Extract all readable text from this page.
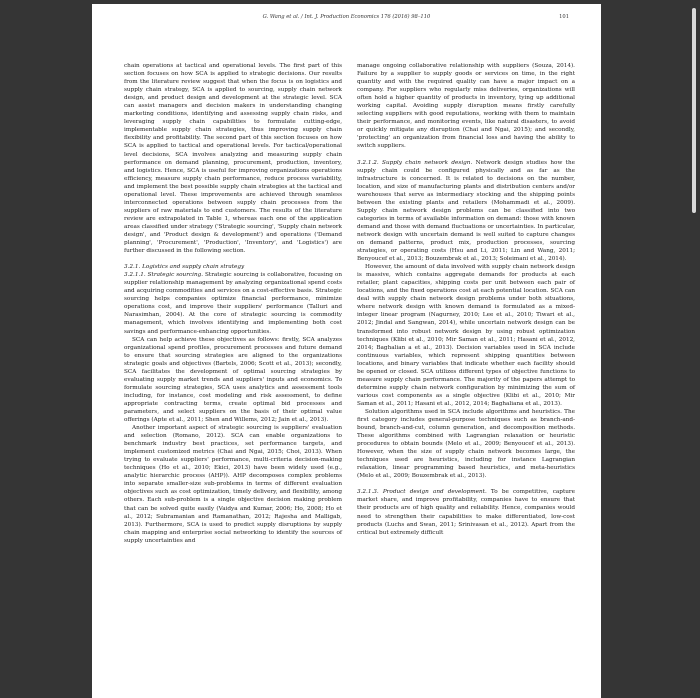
G. Wang et al. / Int. J. Production Economics 176 (2016) 98–110	101

chain operations at tactical and operational levels. The first part of this section focuses on how SCA is applied to strategic decisions. Our results from the literature review suggest that when the focus is on logistics and supply chain strategy, SCA is applied to sourcing, supply chain network design, and product design and development at the strategic level. SCA can assist managers and decision makers in understanding changing marketing conditions, identifying and assessing supply chain risks, and leveraging supply chain capabilities to formulate cutting-edge, implementable supply chain strategies, thus improving supply chain flexibility and profitability. The second part of this section focuses on how SCA is applied to tactical and operational levels. For tactical/operational level decisions, SCA involves analyzing and measuring supply chain performance on demand planning, procurement, production, inventory, and logistics. Hence, SCA is useful for improving organizations operations efficiency, measure supply chain performance, reduce process variability, and implement the best possible supply chain strategies at the tactical and operational level. These improvements are achieved through seamless interconnected operations between supply chain processes from the suppliers of raw materials to end customers. The results of the literature review are extrapolated in Table 1, whereas each one of the application areas classified under strategy ('Strategic sourcing', 'Supply chain network design', and 'Product design & development') and operations ('Demand planning', 'Procurement', 'Production', 'Inventory', and 'Logistics') are further discussed in the following section.

3.2.1. Logistics and supply chain strategy

3.2.1.1. Strategic sourcing. Strategic sourcing is collaborative, focusing on supplier relationship management by analyzing organizational spend costs and acquiring commodities and services on a cost-effective basis. Strategic sourcing helps companies optimize financial performance, minimize operations cost, and improve their suppliers' performance (Talluri and Narasimhan, 2004). At the core of strategic sourcing is commodity management, which involves identifying and implementing both cost savings and performance-enhancing opportunities.

SCA can help achieve these objectives as follows: firstly, SCA analyzes organizational spend profiles, procurement processes and future demand to ensure that sourcing strategies are aligned to the organizations strategic goals and objectives (Bartels, 2006; Scott et al., 2013); secondly, SCA facilitates the development of optimal sourcing strategies by evaluating supply market trends and suppliers' inputs and economics. To formulate sourcing strategies, SCA uses analytics and assessment tools including, for instance, cost modeling and risk assessment, to define appropriate contracting terms, create optimal bid processes and parameters, and select suppliers on the basis of their optimal value offerings (Apte et al., 2011; Shen and Willems, 2012; Jain et al., 2013).

Another important aspect of strategic sourcing is suppliers' evaluation and selection (Romano, 2012). SCA can enable organizations to benchmark industry best practices, set performance targets, and implement customized metrics (Chai and Ngai, 2015; Choi, 2013). When trying to evaluate suppliers' performance, multi-criteria decision-making techniques (Ho et al., 2010; Ekici, 2013) have been widely used (e.g., analytic hierarchic process (AHP)). AHP decomposes complex problems into separate smaller-size sub-problems in terms of different evaluation objectives such as cost optimization, timely delivery, and flexibility, among others. Each sub-problem is a single objective decision making problem that can be solved quite easily (Vaidya and Kumar, 2006; Ho, 2008; Ho et al., 2012; Subramanian and Ramanathan, 2012; Rajesha and Malligab, 2013). Furthermore, SCA is used to predict supply disruptions by supply chain mapping and enterprise social networking to identify the sources of supply uncertainties and

manage ongoing collaborative relationship with suppliers (Souza, 2014). Failure by a supplier to supply goods or services on time, in the right quantity and with the required quality can have a major impact on a company. For suppliers who regularly miss deliveries, organizations will often hold a higher quantity of products in inventory, tying up additional working capital. Avoiding supply disruption means firstly carefully selecting suppliers with good reputations, working with them to maintain their performance, and monitoring events, like natural disasters, to avoid or quickly mitigate any disruption (Chai and Ngai, 2015); and secondly, 'protecting' an organization from financial loss and having the ability to switch suppliers.

3.2.1.2. Supply chain network design. Network design studies how the supply chain could be configured physically and as far as the infrastructure is concerned. It is related to decisions on the number, location, and size of manufacturing plants and distribution centers and/or warehouses that serve as intermediary stocking and the shipping points between the existing plants and retailers (Mohammadi et al., 2009). Supply chain network design problems can be classified into two categories in terms of available information on demand: those with known demand and those with demand fluctuations or uncertainties. In particular, network design with uncertain demand is well suited to capture changes on demand patterns, product mix, production processes, sourcing strategies, or operating costs (Hsu and Li, 2011; Lin and Wang, 2011; Benyoucef et al., 2013; Bouzembrak et al., 2013; Soleimani et al., 2014).

However, the amount of data involved with supply chain network design is massive, which contains aggregate demands for products at each retailer, plant capacities, shipping costs per unit between each pair of locations, and the fixed operations cost at each potential location. SCA can deal with supply chain network design problems under both situations, where network design with known demand is formulated as a mixed-integer linear program (Nagurney, 2010; Lee et al., 2010; Tiwari et al., 2012; Jindal and Sangwan, 2014), while uncertain network design can be transformed into robust network design by using robust optimization techniques (Klibi et al., 2010; Mir Saman et al., 2011; Hasani et al., 2012, 2014; Baghalian a et al., 2013). Decision variables used in SCA include continuous variables, which represent shipping quantities between locations, and binary variables that indicate whether each facility should be opened or closed. SCA utilizes different types of objective functions to measure supply chain performance. The majority of the papers attempt to determine supply chain network configuration by minimizing the sum of various cost components as a single objective (Klibi et al., 2010; Mir Saman et al., 2011; Hasani et al., 2012, 2014; Baghaliana et al., 2013).

Solution algorithms used in SCA include algorithms and heuristics. The first category includes general-purpose techniques such as branch-and-bound, branch-and-cut, column generation, and decomposition methods. These algorithms combined with Lagrangian relaxation or heuristic procedures to obtain bounds (Melo et al., 2009; Benyoucef et al., 2013). However, when the size of supply chain network becomes large, the techniques used are heuristics, including for instance Lagrangian relaxation, linear programming based heuristics, and meta-heuristics (Melo et al., 2009; Bouzembrak et al., 2013).

3.2.1.3. Product design and development. To be competitive, capture market share, and improve profitability, companies have to ensure that their products are of high quality and reliability. Hence, companies would need to strengthen their capabilities to make differentiated, low-cost products (Luchs and Swan, 2011; Srinivasan et al., 2012). Apart from the critical but extremely difficult
